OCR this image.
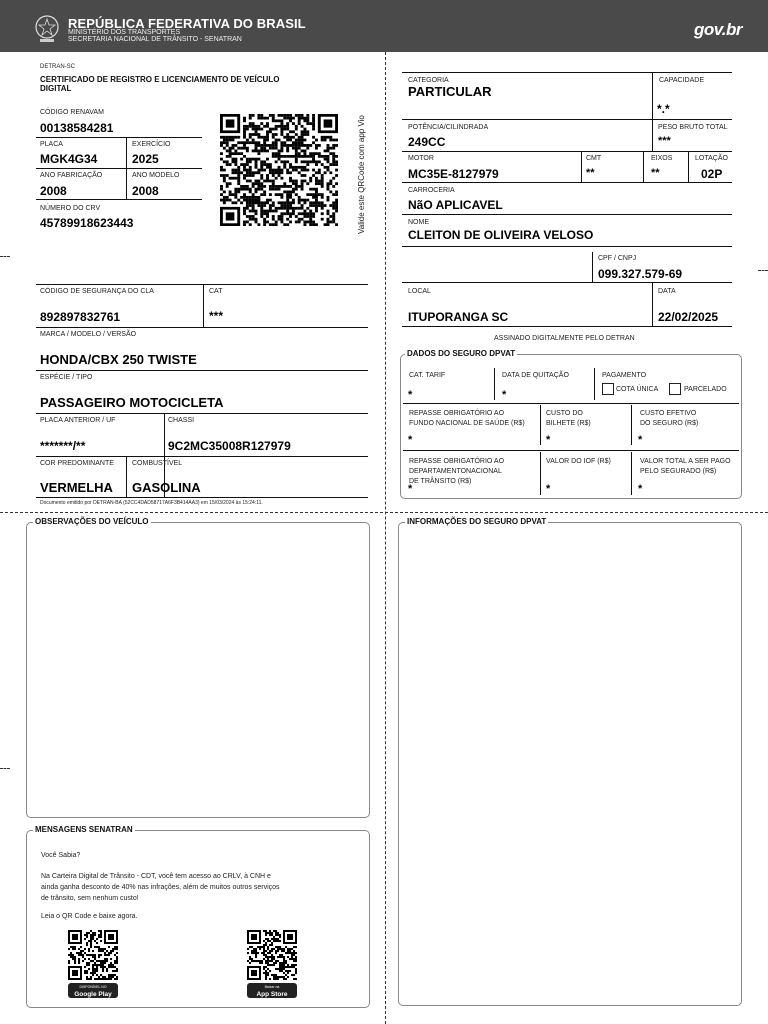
REPÚBLICA FEDERATIVA DO BRASIL
MINISTÉRIO DOS TRANSPORTES
SECRETARIA NACIONAL DE TRÂNSITO - SENATRAN
gov.br
DETRAN-SC
CERTIFICADO DE REGISTRO E LICENCIAMENTO DE VEÍCULO DIGITAL
CÓDIGO RENAVAM
00138584281
PLACA
MGK4G34
EXERCÍCIO
2025
ANO FABRICAÇÃO
2008
ANO MODELO
2008
NÚMERO DO CRV
45789918623443	Valide este QRCode com app Vio
CÓDIGO DE SEGURANÇA DO CLA
892897832761
CAT
***
MARCA / MODELO / VERSÃO
HONDA/CBX 250 TWISTE
ESPÉCIE / TIPO
PASSAGEIRO MOTOCICLETA
PLACA ANTERIOR / UF
*******/**
CHASSI
9C2MC35008R127979
COR PREDOMINANTE
VERMELHA
COMBUSTÍVEL
GASOLINA
Documento emitido por DETRAN-BA (52CC4DAD58717A6F3B414AA3) em 15/03/2024 às 15:24:11.
CATEGORIA
PARTICULAR
CAPACIDADE
*.*
POTÊNCIA/CILINDRADA
249CC
PESO BRUTO TOTAL
***
MOTOR
MC35E-8127979
CMT
**
EIXOS
**
LOTAÇÃO
02P
CARROCERIA
NãO APLICAVEL
NOME
CLEITON DE OLIVEIRA VELOSO
CPF / CNPJ
099.327.579-69
LOCAL
ITUPORANGA SC
DATA
22/02/2025
ASSINADO DIGITALMENTE PELO DETRAN
DADOS DO SEGURO DPVAT
CAT. TARIF
*
DATA DE QUITAÇÃO
*
PAGAMENTO
COTA ÚNICA	PARCELADO
REPASSE OBRIGATÓRIO AO
FUNDO NACIONAL DE SAÚDE (R$)
*
CUSTO DO
BILHETE (R$)
*
CUSTO EFETIVO
DO SEGURO (R$)
*
REPASSE OBRIGATÓRIO AO
DEPARTAMENTONACIONAL
DE TRÂNSITO (R$)
*
VALOR DO IOF (R$)
*
VALOR TOTAL A SER PAGO
PELO SEGURADO (R$)
*
OBSERVAÇÕES DO VEÍCULO
MENSAGENS SENATRAN
Você Sabia?
Na Carteira Digital de Trânsito - CDT, você tem acesso ao CRLV, à CNH e
ainda ganha desconto de 40% nas infrações, além de muitos outros serviços
de trânsito, sem nenhum custo!
Leia o QR Code e baixe agora.
DISPONÍVEL NO
Google Play
Baixar na
App Store
INFORMAÇÕES DO SEGURO DPVAT
